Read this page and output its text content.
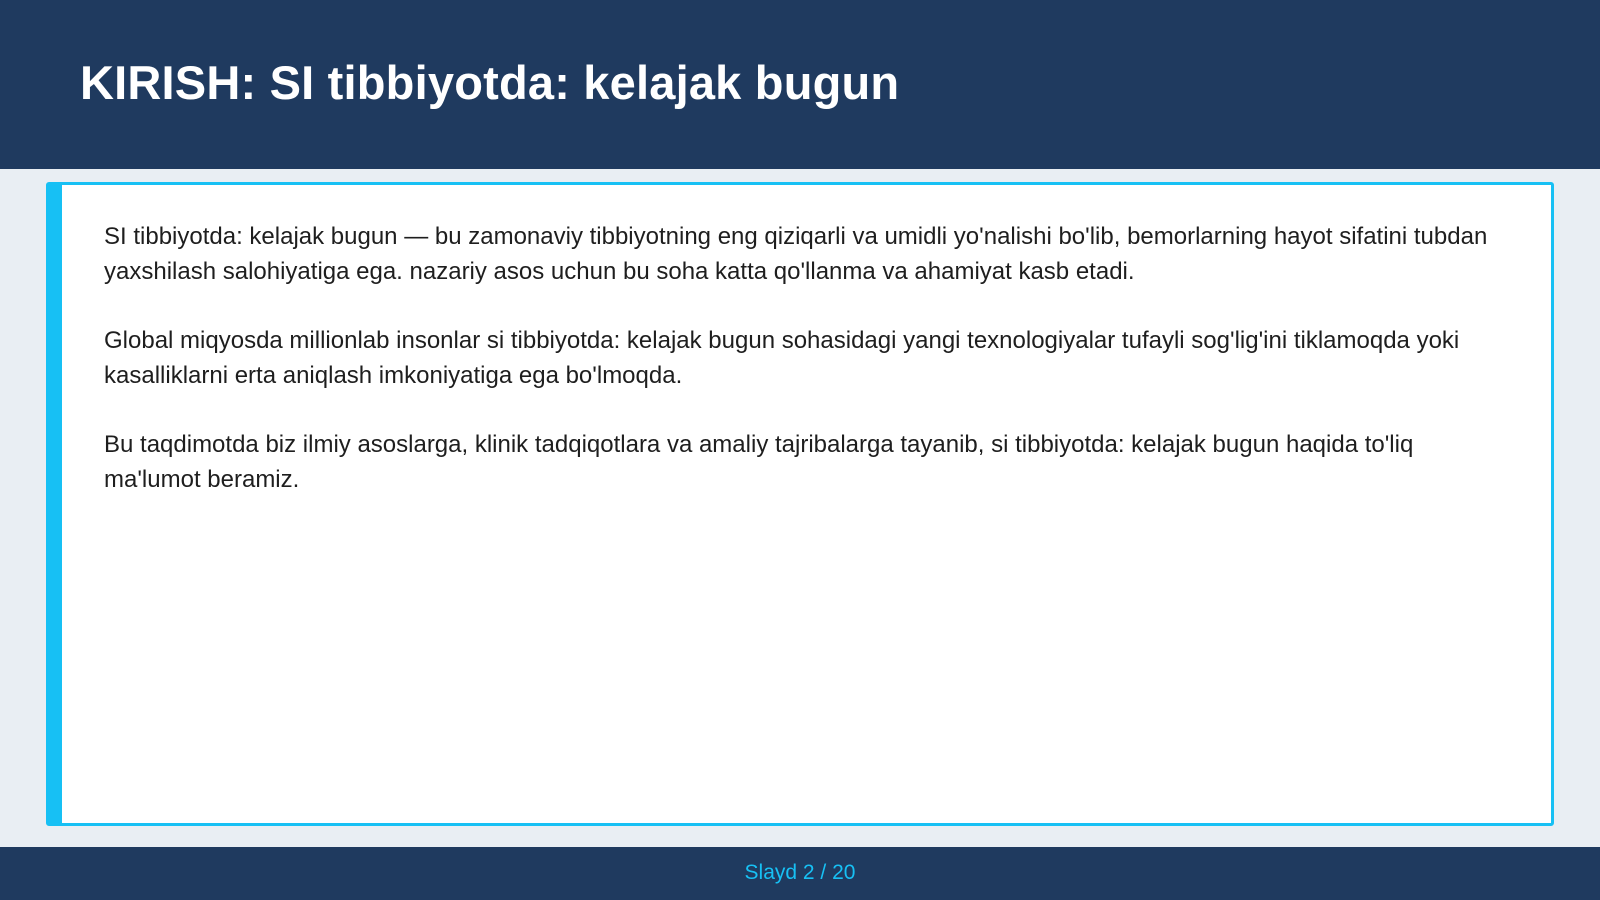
KIRISH: SI tibbiyotda: kelajak bugun

SI tibbiyotda: kelajak bugun — bu zamonaviy tibbiyotning eng qiziqarli va umidli yo'nalishi bo'lib, bemorlarning hayot sifatini tubdan yaxshilash salohiyatiga ega. nazariy asos uchun bu soha katta qo'llanma va ahamiyat kasb etadi.

Global miqyosda millionlab insonlar si tibbiyotda: kelajak bugun sohasidagi yangi texnologiyalar tufayli sog'lig'ini tiklamoqda yoki kasalliklarni erta aniqlash imkoniyatiga ega bo'lmoqda.

Bu taqdimotda biz ilmiy asoslarga, klinik tadqiqotlara va amaliy tajribalarga tayanib, si tibbiyotda: kelajak bugun haqida to'liq ma'lumot beramiz.

Slayd 2 / 20
